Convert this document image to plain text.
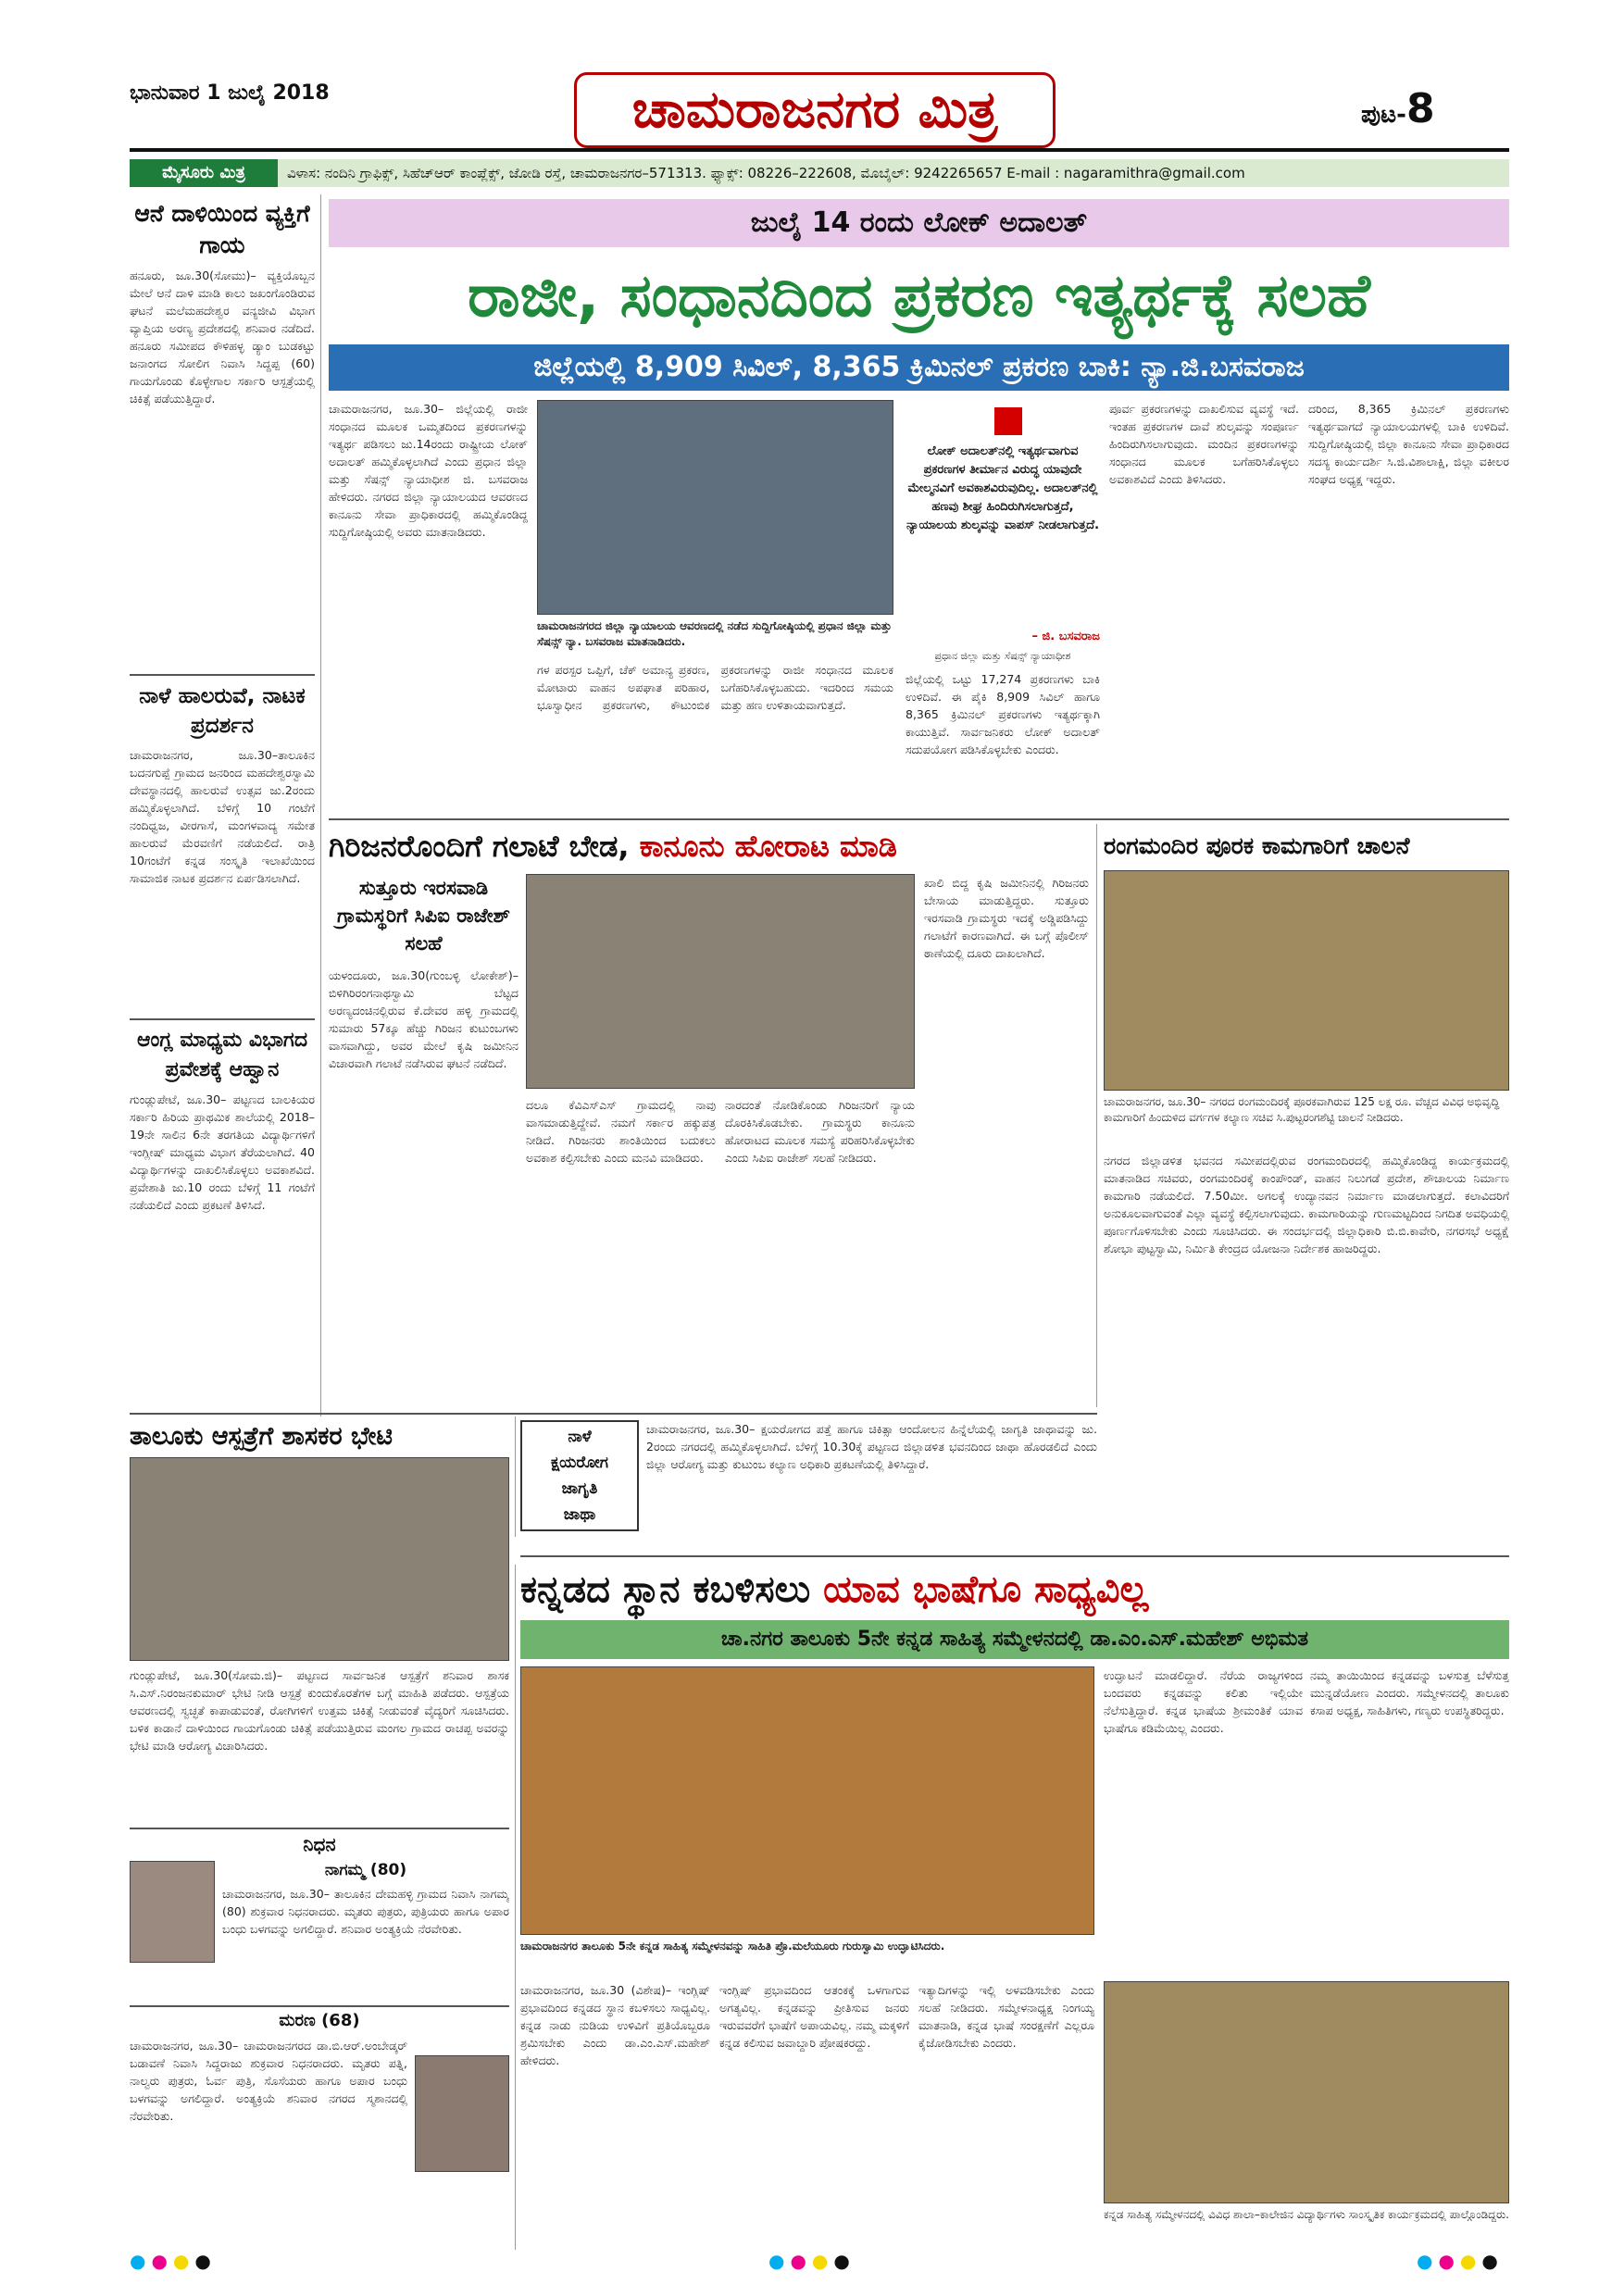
ಭಾನುವಾರ 1 ಜುಲೈ 2018	ಚಾಮರಾಜನಗರ ಮಿತ್ರ	ಪುಟ-8
ವಿಳಾಸ: ನಂದಿನಿ ಗ್ರಾಫಿಕ್ಸ್, ಸಿಹೆಚ್‌ಆರ್ ಕಾಂಪ್ಲೆಕ್ಸ್, ಜೋಡಿ ರಸ್ತೆ, ಚಾಮರಾಜನಗರ–571313. ಫ್ಯಾಕ್ಸ್: 08226–222608, ಮೊಬೈಲ್: 9242265657 E-mail : nagaramithra@gmail.com
ಮೈಸೂರು ಮಿತ್ರ
ಆನೆ ದಾಳಿಯಿಂದ ವ್ಯಕ್ತಿಗೆ ಗಾಯ
ಹನೂರು, ಜೂ.30(ಸೋಮು)– ವ್ಯಕ್ತಿಯೊಬ್ಬನ ಮೇಲೆ ಆನೆ ದಾಳಿ ಮಾಡಿ ಕಾಲು ಜಖಂಗೊಂಡಿರುವ ಘಟನೆ ಮಲೆಮಹದೇಶ್ವರ ವನ್ಯಜೀವಿ ವಿಭಾಗ ವ್ಯಾಪ್ತಿಯ ಅರಣ್ಯ ಪ್ರದೇಶದಲ್ಲಿ ಶನಿವಾರ ನಡೆದಿದೆ. ಹನೂರು ಸಮೀಪದ ಕೌಳಿಹಳ್ಳ ಡ್ಯಾಂ ಬುಡಕಟ್ಟು ಜನಾಂಗದ ಸೋಲಿಗ ನಿವಾಸಿ ಸಿದ್ದಪ್ಪ (60) ಗಾಯಗೊಂಡು ಕೊಳ್ಳೇಗಾಲ ಸರ್ಕಾರಿ ಆಸ್ಪತ್ರೆಯಲ್ಲಿ ಚಿಕಿತ್ಸೆ ಪಡೆಯುತ್ತಿದ್ದಾರೆ.
ನಾಳೆ ಹಾಲರುವೆ, ನಾಟಕ ಪ್ರದರ್ಶನ
ಚಾಮರಾಜನಗರ, ಜೂ.30–ತಾಲೂಕಿನ ಬದನಗುಪ್ಪೆ ಗ್ರಾಮದ ಜನರಿಂದ ಮಹದೇಶ್ವರಸ್ವಾಮಿ ದೇವಸ್ಥಾನದಲ್ಲಿ ಹಾಲರುವೆ ಉತ್ಸವ ಜು.2ರಂದು ಹಮ್ಮಿಕೊಳ್ಳಲಾಗಿದೆ. ಬೆಳಿಗ್ಗೆ 10 ಗಂಟೆಗೆ ನಂದಿಧ್ವಜ, ವೀರಗಾಸೆ, ಮಂಗಳವಾದ್ಯ ಸಮೇತ ಹಾಲರುವೆ ಮೆರವಣಿಗೆ ನಡೆಯಲಿದೆ. ರಾತ್ರಿ 10ಗಂಟೆಗೆ ಕನ್ನಡ ಸಂಸ್ಕೃತಿ ಇಲಾಖೆಯಿಂದ ಸಾಮಾಜಿಕ ನಾಟಕ ಪ್ರದರ್ಶನ ಏರ್ಪಡಿಸಲಾಗಿದೆ.
ಆಂಗ್ಲ ಮಾಧ್ಯಮ ವಿಭಾಗದ ಪ್ರವೇಶಕ್ಕೆ ಆಹ್ವಾನ
ಗುಂಡ್ಲುಪೇಟೆ, ಜೂ.30– ಪಟ್ಟಣದ ಬಾಲಕಿಯರ ಸರ್ಕಾರಿ ಹಿರಿಯ ಪ್ರಾಥಮಿಕ ಶಾಲೆಯಲ್ಲಿ 2018–19ನೇ ಸಾಲಿನ 6ನೇ ತರಗತಿಯ ವಿದ್ಯಾರ್ಥಿಗಳಿಗೆ ಇಂಗ್ಲೀಷ್ ಮಾಧ್ಯಮ ವಿಭಾಗ ತೆರೆಯಲಾಗಿದೆ. 40 ವಿದ್ಯಾರ್ಥಿಗಳನ್ನು ದಾಖಲಿಸಿಕೊಳ್ಳಲು ಅವಕಾಶವಿದೆ. ಪ್ರವೇಶಾತಿ ಜು.10 ರಂದು ಬೆಳಿಗ್ಗೆ 11 ಗಂಟೆಗೆ ನಡೆಯಲಿದೆ ಎಂದು ಪ್ರಕಟಣೆ ತಿಳಿಸಿದೆ.
ಜುಲೈ 14 ರಂದು ಲೋಕ್ ಅದಾಲತ್
ರಾಜೀ, ಸಂಧಾನದಿಂದ ಪ್ರಕರಣ ಇತ್ಯರ್ಥಕ್ಕೆ ಸಲಹೆ
ಜಿಲ್ಲೆಯಲ್ಲಿ 8,909 ಸಿವಿಲ್, 8,365 ಕ್ರಿಮಿನಲ್ ಪ್ರಕರಣ ಬಾಕಿ: ನ್ಯಾ.ಜಿ.ಬಸವರಾಜ
ಚಾಮರಾಜನಗರ, ಜೂ.30– ಜಿಲ್ಲೆಯಲ್ಲಿ ರಾಜೀ ಸಂಧಾನದ ಮೂಲಕ ಒಮ್ಮತದಿಂದ ಪ್ರಕರಣಗಳನ್ನು ಇತ್ಯರ್ಥ ಪಡಿಸಲು ಜು.14ರಂದು ರಾಷ್ಟ್ರೀಯ ಲೋಕ್ ಅದಾಲತ್ ಹಮ್ಮಿಕೊಳ್ಳಲಾಗಿದೆ ಎಂದು ಪ್ರಧಾನ ಜಿಲ್ಲಾ ಮತ್ತು ಸೆಷನ್ಸ್ ನ್ಯಾಯಾಧೀಶ ಜಿ. ಬಸವರಾಜ ಹೇಳಿದರು. ನಗರದ ಜಿಲ್ಲಾ ನ್ಯಾಯಾಲಯದ ಆವರಣದ ಕಾನೂನು ಸೇವಾ ಪ್ರಾಧಿಕಾರದಲ್ಲಿ ಹಮ್ಮಿಕೊಂಡಿದ್ದ ಸುದ್ದಿಗೋಷ್ಠಿಯಲ್ಲಿ ಅವರು ಮಾತನಾಡಿದರು.
ಚಾಮರಾಜನಗರದ ಜಿಲ್ಲಾ ನ್ಯಾಯಾಲಯ ಆವರಣದಲ್ಲಿ ನಡೆದ ಸುದ್ದಿಗೋಷ್ಠಿಯಲ್ಲಿ ಪ್ರಧಾನ ಜಿಲ್ಲಾ ಮತ್ತು ಸೆಷನ್ಸ್ ನ್ಯಾ. ಬಸವರಾಜ ಮಾತನಾಡಿದರು.
ಗಳ ಪರಸ್ಪರ ಒಪ್ಪಿಗೆ, ಚೆಕ್ ಅಮಾನ್ಯ ಪ್ರಕರಣ, ಮೋಟಾರು ವಾಹನ ಅಪಘಾತ ಪರಿಹಾರ, ಭೂಸ್ವಾಧೀನ ಪ್ರಕರಣಗಳು, ಕೌಟುಂಬಿಕ ಪ್ರಕರಣಗಳನ್ನು ರಾಜೀ ಸಂಧಾನದ ಮೂಲಕ ಬಗೆಹರಿಸಿಕೊಳ್ಳಬಹುದು. ಇದರಿಂದ ಸಮಯ ಮತ್ತು ಹಣ ಉಳಿತಾಯವಾಗುತ್ತದೆ.
ಲೋಕ್ ಅದಾಲತ್‌ನಲ್ಲಿ ಇತ್ಯರ್ಥವಾಗುವ ಪ್ರಕರಣಗಳ ತೀರ್ಮಾನ ವಿರುದ್ಧ ಯಾವುದೇ ಮೇಲ್ಮನವಿಗೆ ಅವಕಾಶವಿರುವುದಿಲ್ಲ. ಅದಾಲತ್‌ನಲ್ಲಿ ಹಣವು ಶೀಘ್ರ ಹಿಂದಿರುಗಿಸಲಾಗುತ್ತದೆ, ನ್ಯಾಯಾಲಯ ಶುಲ್ಕವನ್ನು ವಾಪಸ್ ನೀಡಲಾಗುತ್ತದೆ.
– ಜಿ. ಬಸವರಾಜ
ಪ್ರಧಾನ ಜಿಲ್ಲಾ ಮತ್ತು ಸೆಷನ್ಸ್ ನ್ಯಾಯಾಧೀಶ
ಜಿಲ್ಲೆಯಲ್ಲಿ ಒಟ್ಟು 17,274 ಪ್ರಕರಣಗಳು ಬಾಕಿ ಉಳಿದಿವೆ. ಈ ಪೈಕಿ 8,909 ಸಿವಿಲ್ ಹಾಗೂ 8,365 ಕ್ರಿಮಿನಲ್ ಪ್ರಕರಣಗಳು ಇತ್ಯರ್ಥಕ್ಕಾಗಿ ಕಾಯುತ್ತಿವೆ. ಸಾರ್ವಜನಿಕರು ಲೋಕ್ ಅದಾಲತ್ ಸದುಪಯೋಗ ಪಡಿಸಿಕೊಳ್ಳಬೇಕು ಎಂದರು.
ಪೂರ್ವ ಪ್ರಕರಣಗಳನ್ನು ದಾಖಲಿಸುವ ವ್ಯವಸ್ಥೆ ಇದೆ. ಇಂತಹ ಪ್ರಕರಣಗಳ ದಾವೆ ಶುಲ್ಕವನ್ನು ಸಂಪೂರ್ಣ ಹಿಂದಿರುಗಿಸಲಾಗುವುದು. ಮಂದಿನ ಪ್ರಕರಣಗಳನ್ನು ಸಂಧಾನದ ಮೂಲಕ ಬಗೆಹರಿಸಿಕೊಳ್ಳಲು ಅವಕಾಶವಿದೆ ಎಂದು ತಿಳಿಸಿದರು.
ದರಿಂದ, 8,365 ಕ್ರಿಮಿನಲ್ ಪ್ರಕರಣಗಳು ಇತ್ಯರ್ಥವಾಗದೆ ನ್ಯಾಯಾಲಯಗಳಲ್ಲಿ ಬಾಕಿ ಉಳಿದಿವೆ. ಸುದ್ದಿಗೋಷ್ಠಿಯಲ್ಲಿ ಜಿಲ್ಲಾ ಕಾನೂನು ಸೇವಾ ಪ್ರಾಧಿಕಾರದ ಸದಸ್ಯ ಕಾರ್ಯದರ್ಶಿ ಸಿ.ಜಿ.ವಿಶಾಲಾಕ್ಷಿ, ಜಿಲ್ಲಾ ವಕೀಲರ ಸಂಘದ ಅಧ್ಯಕ್ಷ ಇದ್ದರು.
ಗಿರಿಜನರೊಂದಿಗೆ ಗಲಾಟೆ ಬೇಡ, ಕಾನೂನು ಹೋರಾಟ ಮಾಡಿ
ಸುತ್ತೂರು ಇರಸವಾಡಿ ಗ್ರಾಮಸ್ಥರಿಗೆ ಸಿಪಿಐ ರಾಜೇಶ್ ಸಲಹೆ
ಯಳಂದೂರು, ಜೂ.30(ಗುಂಬಳ್ಳಿ ಲೋಕೇಶ್)– ಬಿಳಿಗಿರಿರಂಗನಾಥಸ್ವಾಮಿ ಬೆಟ್ಟದ ಅರಣ್ಯದಂಚಿನಲ್ಲಿರುವ ಕೆ.ದೇವರ ಹಳ್ಳಿ ಗ್ರಾಮದಲ್ಲಿ ಸುಮಾರು 57ಕ್ಕೂ ಹೆಚ್ಚು ಗಿರಿಜನ ಕುಟುಂಬಗಳು ವಾಸವಾಗಿದ್ದು, ಅವರ ಮೇಲೆ ಕೃಷಿ ಜಮೀನಿನ ವಿಚಾರವಾಗಿ ಗಲಾಟೆ ನಡೆಸಿರುವ ಘಟನೆ ನಡೆದಿದೆ.
ದಲೂ ಕೆವಿಎಸ್ಎಸ್ ಗ್ರಾಮದಲ್ಲಿ ನಾವು ವಾಸಮಾಡುತ್ತಿದ್ದೇವೆ. ನಮಗೆ ಸರ್ಕಾರ ಹಕ್ಕುಪತ್ರ ನೀಡಿದೆ. ಗಿರಿಜನರು ಶಾಂತಿಯಿಂದ ಬದುಕಲು ಅವಕಾಶ ಕಲ್ಪಿಸಬೇಕು ಎಂದು ಮನವಿ ಮಾಡಿದರು.
ನಾರದಂತೆ ನೋಡಿಕೊಂಡು ಗಿರಿಜನರಿಗೆ ನ್ಯಾಯ ದೊರಕಿಸಿಕೊಡಬೇಕು. ಗ್ರಾಮಸ್ಥರು ಕಾನೂನು ಹೋರಾಟದ ಮೂಲಕ ಸಮಸ್ಯೆ ಪರಿಹರಿಸಿಕೊಳ್ಳಬೇಕು ಎಂದು ಸಿಪಿಐ ರಾಜೇಶ್ ಸಲಹೆ ನೀಡಿದರು.
ಖಾಲಿ ಬಿದ್ದ ಕೃಷಿ ಜಮೀನಿನಲ್ಲಿ ಗಿರಿಜನರು ಬೇಸಾಯ ಮಾಡುತ್ತಿದ್ದರು. ಸುತ್ತೂರು ಇರಸವಾಡಿ ಗ್ರಾಮಸ್ಥರು ಇದಕ್ಕೆ ಅಡ್ಡಿಪಡಿಸಿದ್ದು ಗಲಾಟೆಗೆ ಕಾರಣವಾಗಿದೆ. ಈ ಬಗ್ಗೆ ಪೊಲೀಸ್ ಠಾಣೆಯಲ್ಲಿ ದೂರು ದಾಖಲಾಗಿದೆ.
ರಂಗಮಂದಿರ ಪೂರಕ ಕಾಮಗಾರಿಗೆ ಚಾಲನೆ
ಚಾಮರಾಜನಗರ, ಜೂ.30– ನಗರದ ರಂಗಮಂದಿರಕ್ಕೆ ಪೂರಕವಾಗಿರುವ 125 ಲಕ್ಷ ರೂ. ವೆಚ್ಚದ ವಿವಿಧ ಅಭಿವೃದ್ಧಿ ಕಾಮಗಾರಿಗೆ ಹಿಂದುಳಿದ ವರ್ಗಗಳ ಕಲ್ಯಾಣ ಸಚಿವ ಸಿ.ಪುಟ್ಟರಂಗಶೆಟ್ಟಿ ಚಾಲನೆ ನೀಡಿದರು.
ನಗರದ ಜಿಲ್ಲಾಡಳಿತ ಭವನದ ಸಮೀಪದಲ್ಲಿರುವ ರಂಗಮಂದಿರದಲ್ಲಿ ಹಮ್ಮಿಕೊಂಡಿದ್ದ ಕಾರ್ಯಕ್ರಮದಲ್ಲಿ ಮಾತನಾಡಿದ ಸಚಿವರು, ರಂಗಮಂದಿರಕ್ಕೆ ಕಾಂಪೌಂಡ್, ವಾಹನ ನಿಲುಗಡೆ ಪ್ರದೇಶ, ಶೌಚಾಲಯ ನಿರ್ಮಾಣ ಕಾಮಗಾರಿ ನಡೆಯಲಿದೆ. 7.50ಮೀ. ಅಗಲಕ್ಕೆ ಉದ್ಯಾನವನ ನಿರ್ಮಾಣ ಮಾಡಲಾಗುತ್ತದೆ. ಕಲಾವಿದರಿಗೆ ಅನುಕೂಲವಾಗುವಂತೆ ಎಲ್ಲಾ ವ್ಯವಸ್ಥೆ ಕಲ್ಪಿಸಲಾಗುವುದು. ಕಾಮಗಾರಿಯನ್ನು ಗುಣಮಟ್ಟದಿಂದ ನಿಗದಿತ ಅವಧಿಯಲ್ಲಿ ಪೂರ್ಣಗೊಳಿಸಬೇಕು ಎಂದು ಸೂಚಿಸಿದರು. ಈ ಸಂದರ್ಭದಲ್ಲಿ ಜಿಲ್ಲಾಧಿಕಾರಿ ಬಿ.ಬಿ.ಕಾವೇರಿ, ನಗರಸಭೆ ಅಧ್ಯಕ್ಷೆ ಶೋಭಾ ಪುಟ್ಟಸ್ವಾಮಿ, ನಿರ್ಮಿತಿ ಕೇಂದ್ರದ ಯೋಜನಾ ನಿರ್ದೇಶಕ ಹಾಜರಿದ್ದರು.
ತಾಲೂಕು ಆಸ್ಪತ್ರೆಗೆ ಶಾಸಕರ ಭೇಟಿ
ಗುಂಡ್ಲುಪೇಟೆ, ಜೂ.30(ಸೋಮ.ಜಿ)– ಪಟ್ಟಣದ ಸಾರ್ವಜನಿಕ ಆಸ್ಪತ್ರೆಗೆ ಶನಿವಾರ ಶಾಸಕ ಸಿ.ಎಸ್.ನಿರಂಜನಕುಮಾರ್ ಭೇಟಿ ನೀಡಿ ಆಸ್ಪತ್ರೆ ಕುಂದುಕೊರತೆಗಳ ಬಗ್ಗೆ ಮಾಹಿತಿ ಪಡೆದರು. ಆಸ್ಪತ್ರೆಯ ಆವರಣದಲ್ಲಿ ಸ್ವಚ್ಛತೆ ಕಾಪಾಡುವಂತೆ, ರೋಗಿಗಳಿಗೆ ಉತ್ತಮ ಚಿಕಿತ್ಸೆ ನೀಡುವಂತೆ ವೈದ್ಯರಿಗೆ ಸೂಚಿಸಿದರು. ಬಳಿಕ ಕಾಡಾನೆ ದಾಳಿಯಿಂದ ಗಾಯಗೊಂಡು ಚಿಕಿತ್ಸೆ ಪಡೆಯುತ್ತಿರುವ ಮಂಗಲ ಗ್ರಾಮದ ರಾಚಪ್ಪ ಅವರನ್ನು ಭೇಟಿ ಮಾಡಿ ಆರೋಗ್ಯ ವಿಚಾರಿಸಿದರು.
ನಾಳೆ
ಕ್ಷಯರೋಗ
ಜಾಗೃತಿ
ಜಾಥಾ
ಚಾಮರಾಜನಗರ, ಜೂ.30– ಕ್ಷಯರೋಗದ ಪತ್ತೆ ಹಾಗೂ ಚಿಕಿತ್ಸಾ ಆಂದೋಲನ ಹಿನ್ನೆಲೆಯಲ್ಲಿ ಜಾಗೃತಿ ಜಾಥಾವನ್ನು ಜು. 2ರಂದು ನಗರದಲ್ಲಿ ಹಮ್ಮಿಕೊಳ್ಳಲಾಗಿದೆ. ಬೆಳಿಗ್ಗೆ 10.30ಕ್ಕೆ ಪಟ್ಟಣದ ಜಿಲ್ಲಾಡಳಿತ ಭವನದಿಂದ ಜಾಥಾ ಹೊರಡಲಿದೆ ಎಂದು ಜಿಲ್ಲಾ ಆರೋಗ್ಯ ಮತ್ತು ಕುಟುಂಬ ಕಲ್ಯಾಣ ಅಧಿಕಾರಿ ಪ್ರಕಟಣೆಯಲ್ಲಿ ತಿಳಿಸಿದ್ದಾರೆ.
ಕನ್ನಡದ ಸ್ಥಾನ ಕಬಳಿಸಲು ಯಾವ ಭಾಷೆಗೂ ಸಾಧ್ಯವಿಲ್ಲ
ಚಾ.ನಗರ ತಾಲೂಕು 5ನೇ ಕನ್ನಡ ಸಾಹಿತ್ಯ ಸಮ್ಮೇಳನದಲ್ಲಿ ಡಾ.ಎಂ.ಎಸ್.ಮಹೇಶ್ ಅಭಿಮತ
ಚಾಮರಾಜನಗರ ತಾಲೂಕು 5ನೇ ಕನ್ನಡ ಸಾಹಿತ್ಯ ಸಮ್ಮೇಳನವನ್ನು ಸಾಹಿತಿ ಪ್ರೊ.ಮಲೆಯೂರು ಗುರುಸ್ವಾಮಿ ಉದ್ಘಾಟಿಸಿದರು.
ಉದ್ಘಾಟನೆ ಮಾಡಲಿದ್ದಾರೆ. ನೆರೆಯ ರಾಜ್ಯಗಳಿಂದ ಬಂದವರು ಕನ್ನಡವನ್ನು ಕಲಿತು ಇಲ್ಲಿಯೇ ನೆಲೆಸುತ್ತಿದ್ದಾರೆ. ಕನ್ನಡ ಭಾಷೆಯ ಶ್ರೀಮಂತಿಕೆ ಯಾವ ಭಾಷೆಗೂ ಕಡಿಮೆಯಿಲ್ಲ ಎಂದರು.
ನಮ್ಮ ತಾಯಿಯಿಂದ ಕನ್ನಡವನ್ನು ಬಳಸುತ್ತ ಬೆಳೆಸುತ್ತ ಮುನ್ನಡೆಯೋಣ ಎಂದರು. ಸಮ್ಮೇಳನದಲ್ಲಿ ತಾಲೂಕು ಕಸಾಪ ಅಧ್ಯಕ್ಷ, ಸಾಹಿತಿಗಳು, ಗಣ್ಯರು ಉಪಸ್ಥಿತರಿದ್ದರು.
ಚಾಮರಾಜನಗರ, ಜೂ.30 (ವಿಶೇಷ)– ಇಂಗ್ಲಿಷ್ ಪ್ರಭಾವದಿಂದ ಕನ್ನಡದ ಸ್ಥಾನ ಕಬಳಿಸಲು ಸಾಧ್ಯವಿಲ್ಲ. ಕನ್ನಡ ನಾಡು ನುಡಿಯ ಉಳಿವಿಗೆ ಪ್ರತಿಯೊಬ್ಬರೂ ಶ್ರಮಿಸಬೇಕು ಎಂದು ಡಾ.ಎಂ.ಎಸ್.ಮಹೇಶ್ ಹೇಳಿದರು.
ಇಂಗ್ಲಿಷ್ ಪ್ರಭಾವದಿಂದ ಆತಂಕಕ್ಕೆ ಒಳಗಾಗುವ ಅಗತ್ಯವಿಲ್ಲ. ಕನ್ನಡವನ್ನು ಪ್ರೀತಿಸುವ ಜನರು ಇರುವವರೆಗೆ ಭಾಷೆಗೆ ಅಪಾಯವಿಲ್ಲ. ನಮ್ಮ ಮಕ್ಕಳಿಗೆ ಕನ್ನಡ ಕಲಿಸುವ ಜವಾಬ್ದಾರಿ ಪೋಷಕರದ್ದು.
ಇತ್ಯಾದಿಗಳನ್ನು ಇಲ್ಲಿ ಅಳವಡಿಸಬೇಕು ಎಂದು ಸಲಹೆ ನೀಡಿದರು. ಸಮ್ಮೇಳನಾಧ್ಯಕ್ಷ ನಿಂಗಯ್ಯ ಮಾತನಾಡಿ, ಕನ್ನಡ ಭಾಷೆ ಸಂರಕ್ಷಣೆಗೆ ಎಲ್ಲರೂ ಕೈಜೋಡಿಸಬೇಕು ಎಂದರು.
ಕನ್ನಡ ಸಾಹಿತ್ಯ ಸಮ್ಮೇಳನದಲ್ಲಿ ವಿವಿಧ ಶಾಲಾ–ಕಾಲೇಜಿನ ವಿದ್ಯಾರ್ಥಿಗಳು ಸಾಂಸ್ಕೃತಿಕ ಕಾರ್ಯಕ್ರಮದಲ್ಲಿ ಪಾಲ್ಗೊಂಡಿದ್ದರು.
ನಿಧನ
ನಾಗಮ್ಮ (80)
ಚಾಮರಾಜನಗರ, ಜೂ.30– ತಾಲೂಕಿನ ದೇಮಹಳ್ಳಿ ಗ್ರಾಮದ ನಿವಾಸಿ ನಾಗಮ್ಮ (80) ಶುಕ್ರವಾರ ನಿಧನರಾದರು. ಮೃತರು ಪುತ್ರರು, ಪುತ್ರಿಯರು ಹಾಗೂ ಅಪಾರ ಬಂಧು ಬಳಗವನ್ನು ಅಗಲಿದ್ದಾರೆ. ಶನಿವಾರ ಅಂತ್ಯಕ್ರಿಯೆ ನೆರವೇರಿತು.
ಮರಣ (68)
ಚಾಮರಾಜನಗರ, ಜೂ.30– ಚಾಮರಾಜನಗರದ ಡಾ.ಬಿ.ಆರ್.ಅಂಬೇಡ್ಕರ್ ಬಡಾವಣೆ ನಿವಾಸಿ ಸಿದ್ದರಾಜು ಶುಕ್ರವಾರ ನಿಧನರಾದರು. ಮೃತರು ಪತ್ನಿ, ನಾಲ್ವರು ಪುತ್ರರು, ಓರ್ವ ಪುತ್ರಿ, ಸೊಸೆಯರು ಹಾಗೂ ಅಪಾರ ಬಂಧು ಬಳಗವನ್ನು ಅಗಲಿದ್ದಾರೆ. ಅಂತ್ಯಕ್ರಿಯೆ ಶನಿವಾರ ನಗರದ ಸ್ಮಶಾನದಲ್ಲಿ ನೆರವೇರಿತು.
●●●●	●●●●	●●●●
